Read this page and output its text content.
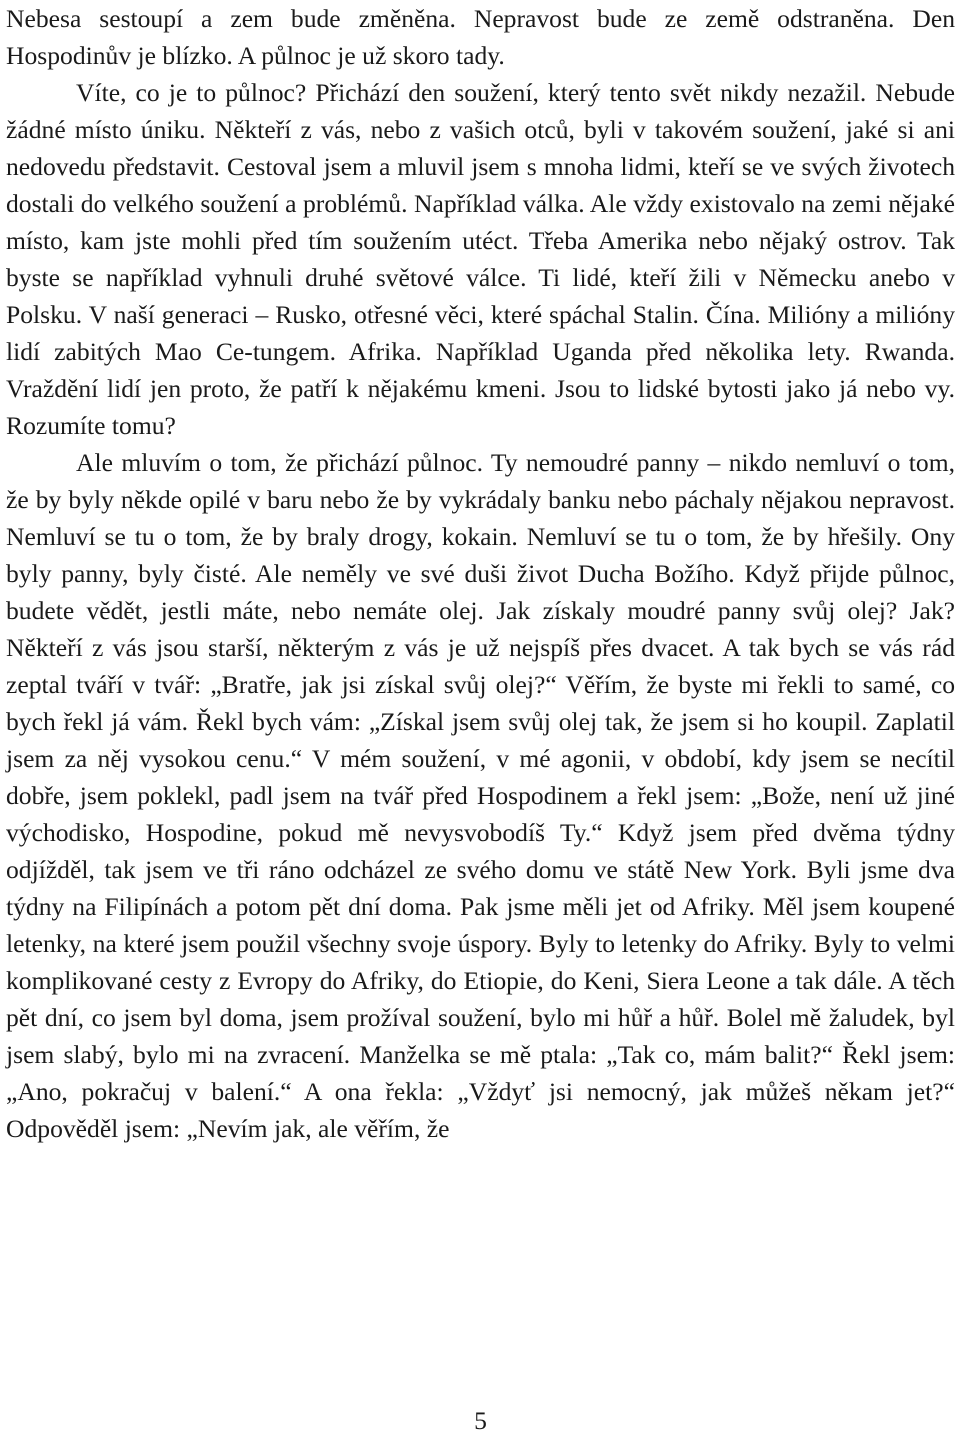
Nebesa sestoupí a zem bude změněna. Nepravost bude ze země odstraněna. Den Hospodinův je blízko. A půlnoc je už skoro tady.

Víte, co je to půlnoc? Přichází den soužení, který tento svět nikdy nezažil. Nebude žádné místo úniku. Někteří z vás, nebo z vašich otců, byli v takovém soužení, jaké si ani nedovedu představit. Cestoval jsem a mluvil jsem s mnoha lidmi, kteří se ve svých životech dostali do velkého soužení a problémů. Například válka. Ale vždy existovalo na zemi nějaké místo, kam jste mohli před tím soužením utéct. Třeba Amerika nebo nějaký ostrov. Tak byste se například vyhnuli druhé světové válce. Ti lidé, kteří žili v Německu anebo v Polsku. V naší generaci – Rusko, otřesné věci, které spáchal Stalin. Čína. Milióny a milióny lidí zabitých Mao Ce-tungem. Afrika. Například Uganda před několika lety. Rwanda. Vraždění lidí jen proto, že patří k nějakému kmeni. Jsou to lidské bytosti jako já nebo vy. Rozumíte tomu?

Ale mluvím o tom, že přichází půlnoc. Ty nemoudré panny – nikdo nemluví o tom, že by byly někde opilé v baru nebo že by vykrádaly banku nebo páchaly nějakou nepravost. Nemluví se tu o tom, že by braly drogy, kokain. Nemluví se tu o tom, že by hřešily. Ony byly panny, byly čisté. Ale neměly ve své duši život Ducha Božího. Když přijde půlnoc, budete vědět, jestli máte, nebo nemáte olej. Jak získaly moudré panny svůj olej? Jak? Někteří z vás jsou starší, některým z vás je už nejspíš přes dvacet. A tak bych se vás rád zeptal tváří v tvář: „Bratře, jak jsi získal svůj olej?“ Věřím, že byste mi řekli to samé, co bych řekl já vám. Řekl bych vám: „Získal jsem svůj olej tak, že jsem si ho koupil. Zaplatil jsem za něj vysokou cenu.“ V mém soužení, v mé agonii, v období, kdy jsem se necítil dobře, jsem poklekl, padl jsem na tvář před Hospodinem a řekl jsem: „Bože, není už jiné východisko, Hospodine, pokud mě nevysvobodíš Ty.“ Když jsem před dvěma týdny odjížděl, tak jsem ve tři ráno odcházel ze svého domu ve státě New York. Byli jsme dva týdny na Filipínách a potom pět dní doma. Pak jsme měli jet od Afriky. Měl jsem koupené letenky, na které jsem použil všechny svoje úspory. Byly to letenky do Afriky. Byly to velmi komplikované cesty z Evropy do Afriky, do Etiopie, do Keni, Siera Leone a tak dále. A těch pět dní, co jsem byl doma, jsem prožíval soužení, bylo mi hůř a hůř. Bolel mě žaludek, byl jsem slabý, bylo mi na zvracení. Manželka se mě ptala: „Tak co, mám balit?“ Řekl jsem: „Ano, pokračuj v balení.“ A ona řekla: „Vždyť jsi nemocný, jak můžeš někam jet?“ Odpověděl jsem: „Nevím jak, ale věřím, že

5
